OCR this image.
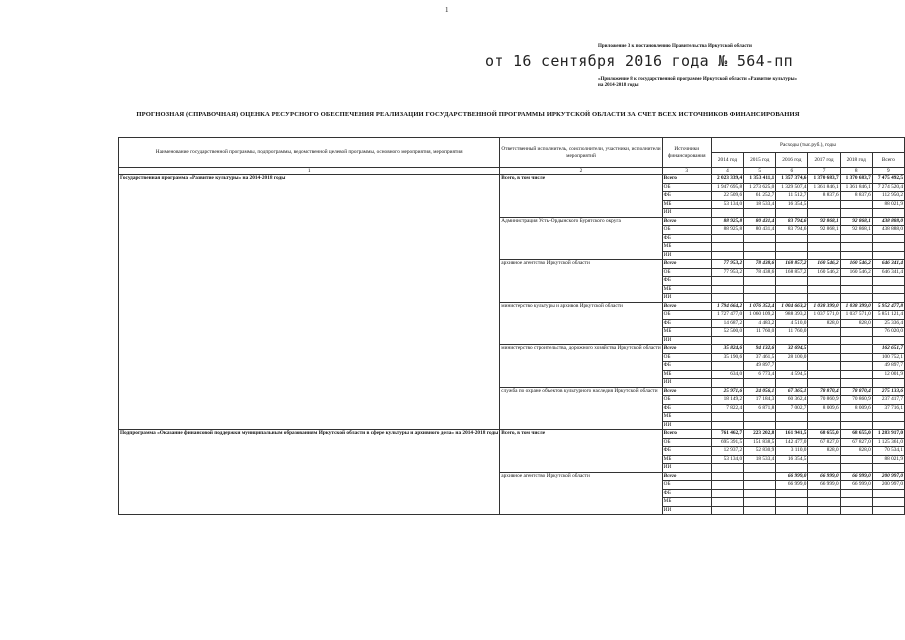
1
от 16 сентября 2016 года № 564-пп
Приложение 3 к постановлению Правительства Иркутской области
«Приложение 8 к государственной программе Иркутской области «Развитие культуры» на 2014-2018 годы
ПРОГНОЗНАЯ (СПРАВОЧНАЯ) ОЦЕНКА РЕСУРСНОГО ОБЕСПЕЧЕНИЯ РЕАЛИЗАЦИИ ГОСУДАРСТВЕННОЙ ПРОГРАММЫ ИРКУТСКОЙ ОБЛАСТИ ЗА СЧЕТ ВСЕХ ИСТОЧНИКОВ ФИНАНСИРОВАНИЯ
Наименование государственной программы, подпрограммы, ведомственной целевой программы, основного мероприятия, мероприятия	Ответственный исполнитель, соисполнители, участники, исполнители мероприятий	Источники финансирования	Расходы (тыс.руб.), годы					
			2014 год	2015 год	2016 год	2017 год	2018 год	Всего
1	2	3	4	5	6	7	8	9
Государственная программа «Развитие культуры» на 2014-2018 годы	Всего, в том числе	Всего	2 023 339,4	1 353 411,1	1 357 374,6	1 370 683,7	1 370 683,7	7 475 492,5
		ОБ	1 947 695,8	1 273 625,0	1 329 507,4	1 361 846,1	1 361 846,1	7 274 520,4
		ФБ	22 509,6	61 252,7	11 512,7	8 837,6	8 837,6	112 950,2
		МБ	53 134,0	18 533,4	16 354,5			88 021,9
		ИИ						
	Администрация Усть-Ордынского Бурятского округа	Всего	88 925,8	80 431,4	83 794,6	92 868,1	92 868,1	438 888,0
		ОБ	88 925,8	80 431,4	83 794,6	92 868,1	92 868,1	438 888,0
		ФБ						
		МБ						
		ИИ						
	архивное агентство Иркутской области	Всего	77 953,2	78 438,6	168 857,2	160 546,2	160 546,2	646 341,4
		ОБ	77 953,2	78 438,6	168 857,2	160 546,2	160 546,2	646 341,4
		ФБ						
		МБ						
		ИИ						
	министерство культуры и архивов Иркутской области	Всего	1 794 664,2	1 076 352,4	1 004 663,2	1 038 399,0	1 038 399,0	5 952 477,8
		ОБ	1 727 477,0	1 060 109,2	988 393,2	1 037 571,0	1 037 571,0	5 851 121,4
		ФБ	14 687,2	4 483,2	4 510,0	828,0	828,0	25 336,4
		МБ	52 500,0	11 760,0	11 760,0			76 020,0
		ИИ						
	министерство строительства, дорожного хозяйства Иркутской области	Всего	35 824,6	94 132,6	32 694,5			162 651,7
		ОБ	35 190,6	37 461,5	28 100,0			100 752,1
		ФБ		49 897,7				49 897,7
		МБ	634,0	6 773,4	4 594,5			12 001,9
		ИИ						
	служба по охране объектов культурного наследия Иркутской области	Всего	25 971,6	24 056,1	67 365,1	78 870,4	78 870,4	275 133,6
		ОБ	18 149,2	17 184,3	60 362,4	70 860,9	70 860,9	237 417,7
		ФБ	7 822,4	6 871,8	7 002,7	8 009,6	8 009,6	37 716,1
		МБ						
		ИИ						
Подпрограмма «Оказание финансовой поддержки муниципальным образованиям Иркутской области в сфере культуры и архивного дела» на 2014-2018 годы	Всего, в том числе	Всего	761 462,7	223 202,8	161 941,5	68 655,0	68 655,0	1 283 917,0
		ОБ	695 391,5	151 838,5	142 477,0	67 827,0	67 827,0	1 125 361,0
		ФБ	12 937,2	52 830,9	3 110,0	828,0	828,0	70 534,1
		МБ	53 134,0	18 533,4	16 354,5			88 021,9
		ИИ						
	архивное агентство Иркутской области	Всего			66 999,0	66 999,0	66 999,0	200 997,0
		ОБ			66 999,0	66 999,0	66 999,0	200 997,0
		ФБ						
		МБ						
		ИИ						
